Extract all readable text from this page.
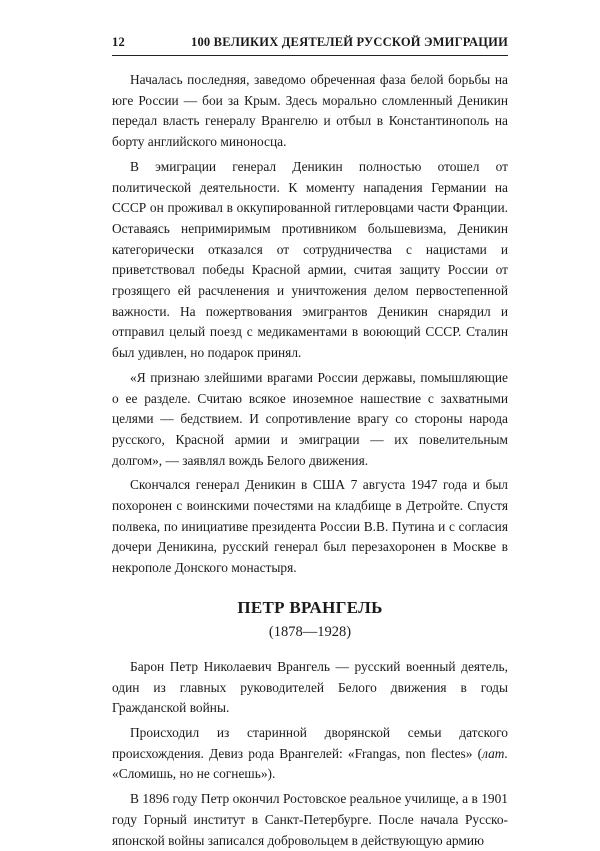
12	100 ВЕЛИКИХ ДЕЯТЕЛЕЙ РУССКОЙ ЭМИГРАЦИИ

Началась последняя, заведомо обреченная фаза белой борьбы на юге России — бои за Крым. Здесь морально сломленный Деникин передал власть генералу Врангелю и отбыл в Константинополь на борту английского миноносца.

В эмиграции генерал Деникин полностью отошел от политической деятельности. К моменту нападения Германии на СССР он проживал в оккупированной гитлеровцами части Франции. Оставаясь непримиримым противником большевизма, Деникин категорически отказался от сотрудничества с нацистами и приветствовал победы Красной армии, считая защиту России от грозящего ей расчленения и уничтожения делом первостепенной важности. На пожертвования эмигрантов Деникин снарядил и отправил целый поезд с медикаментами в воюющий СССР. Сталин был удивлен, но подарок принял.

«Я признаю злейшими врагами России державы, помышляющие о ее разделе. Считаю всякое иноземное нашествие с захватными целями — бедствием. И сопротивление врагу со стороны народа русского, Красной армии и эмиграции — их повелительным долгом», — заявлял вождь Белого движения.

Скончался генерал Деникин в США 7 августа 1947 года и был похоронен с воинскими почестями на кладбище в Детройте. Спустя полвека, по инициативе президента России В.В. Путина и с согласия дочери Деникина, русский генерал был перезахоронен в Москве в некрополе Донского монастыря.

ПЕТР ВРАНГЕЛЬ
(1878—1928)

Барон Петр Николаевич Врангель — русский военный деятель, один из главных руководителей Белого движения в годы Гражданской войны.

Происходил из старинной дворянской семьи датского происхождения. Девиз рода Врангелей: «Frangas, non flectes» (лат. «Сломишь, но не согнешь»).

В 1896 году Петр окончил Ростовское реальное училище, а в 1901 году Горный институт в Санкт-Петербурге. После начала Русско-японской войны записался добровольцем в действующую армию
